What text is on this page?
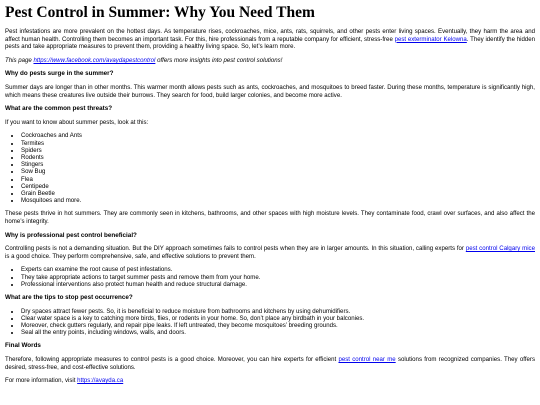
Pest Control in Summer: Why You Need Them

Pest infestations are more prevalent on the hottest days. As temperature rises, cockroaches, mice, ants, rats, squirrels, and other pests enter living spaces. Eventually, they harm the area and affect human health. Controlling them becomes an important task. For this, hire professionals from a reputable company for efficient, stress-free pest exterminator Kelowna. They identify the hidden pests and take appropriate measures to prevent them, providing a healthy living space. So, let’s learn more.

This page https://www.facebook.com/avaydapestcontrol offers more insights into pest control solutions!

Why do pests surge in the summer?

Summer days are longer than in other months. This warmer month allows pests such as ants, cockroaches, and mosquitoes to breed faster. During these months, temperature is significantly high, which means these creatures live outside their burrows. They search for food, build larger colonies, and become more active.

What are the common pest threats?

If you want to know about summer pests, look at this:

• Cockroaches and Ants
• Termites
• Spiders
• Rodents
• Stingers
• Sow Bug
• Flea
• Centipede
• Grain Beetle
• Mosquitoes and more.

These pests thrive in hot summers. They are commonly seen in kitchens, bathrooms, and other spaces with high moisture levels. They contaminate food, crawl over surfaces, and also affect the home’s integrity.

Why is professional pest control beneficial?

Controlling pests is not a demanding situation. But the DIY approach sometimes fails to control pests when they are in larger amounts. In this situation, calling experts for pest control Calgary mice is a good choice. They perform comprehensive, safe, and effective solutions to prevent them.

• Experts can examine the root cause of pest infestations.
• They take appropriate actions to target summer pests and remove them from your home.
• Professional interventions also protect human health and reduce structural damage.
What are the tips to stop pest occurrence?
• Dry spaces attract fewer pests. So, it is beneficial to reduce moisture from bathrooms and kitchens by using dehumidifiers.
• Clear water space is a key to catching more birds, flies, or rodents in your home. So, don’t place any birdbath in your balconies.
• Moreover, check gutters regularly, and repair pipe leaks. If left untreated, they become mosquitoes’ breeding grounds.
• Seal all the entry points, including windows, walls, and doors.
Final Words

Therefore, following appropriate measures to control pests is a good choice. Moreover, you can hire experts for efficient pest control near me solutions from recognized companies. They offers desired, stress-free, and cost-effective solutions.

For more information, visit https://avayda.ca
